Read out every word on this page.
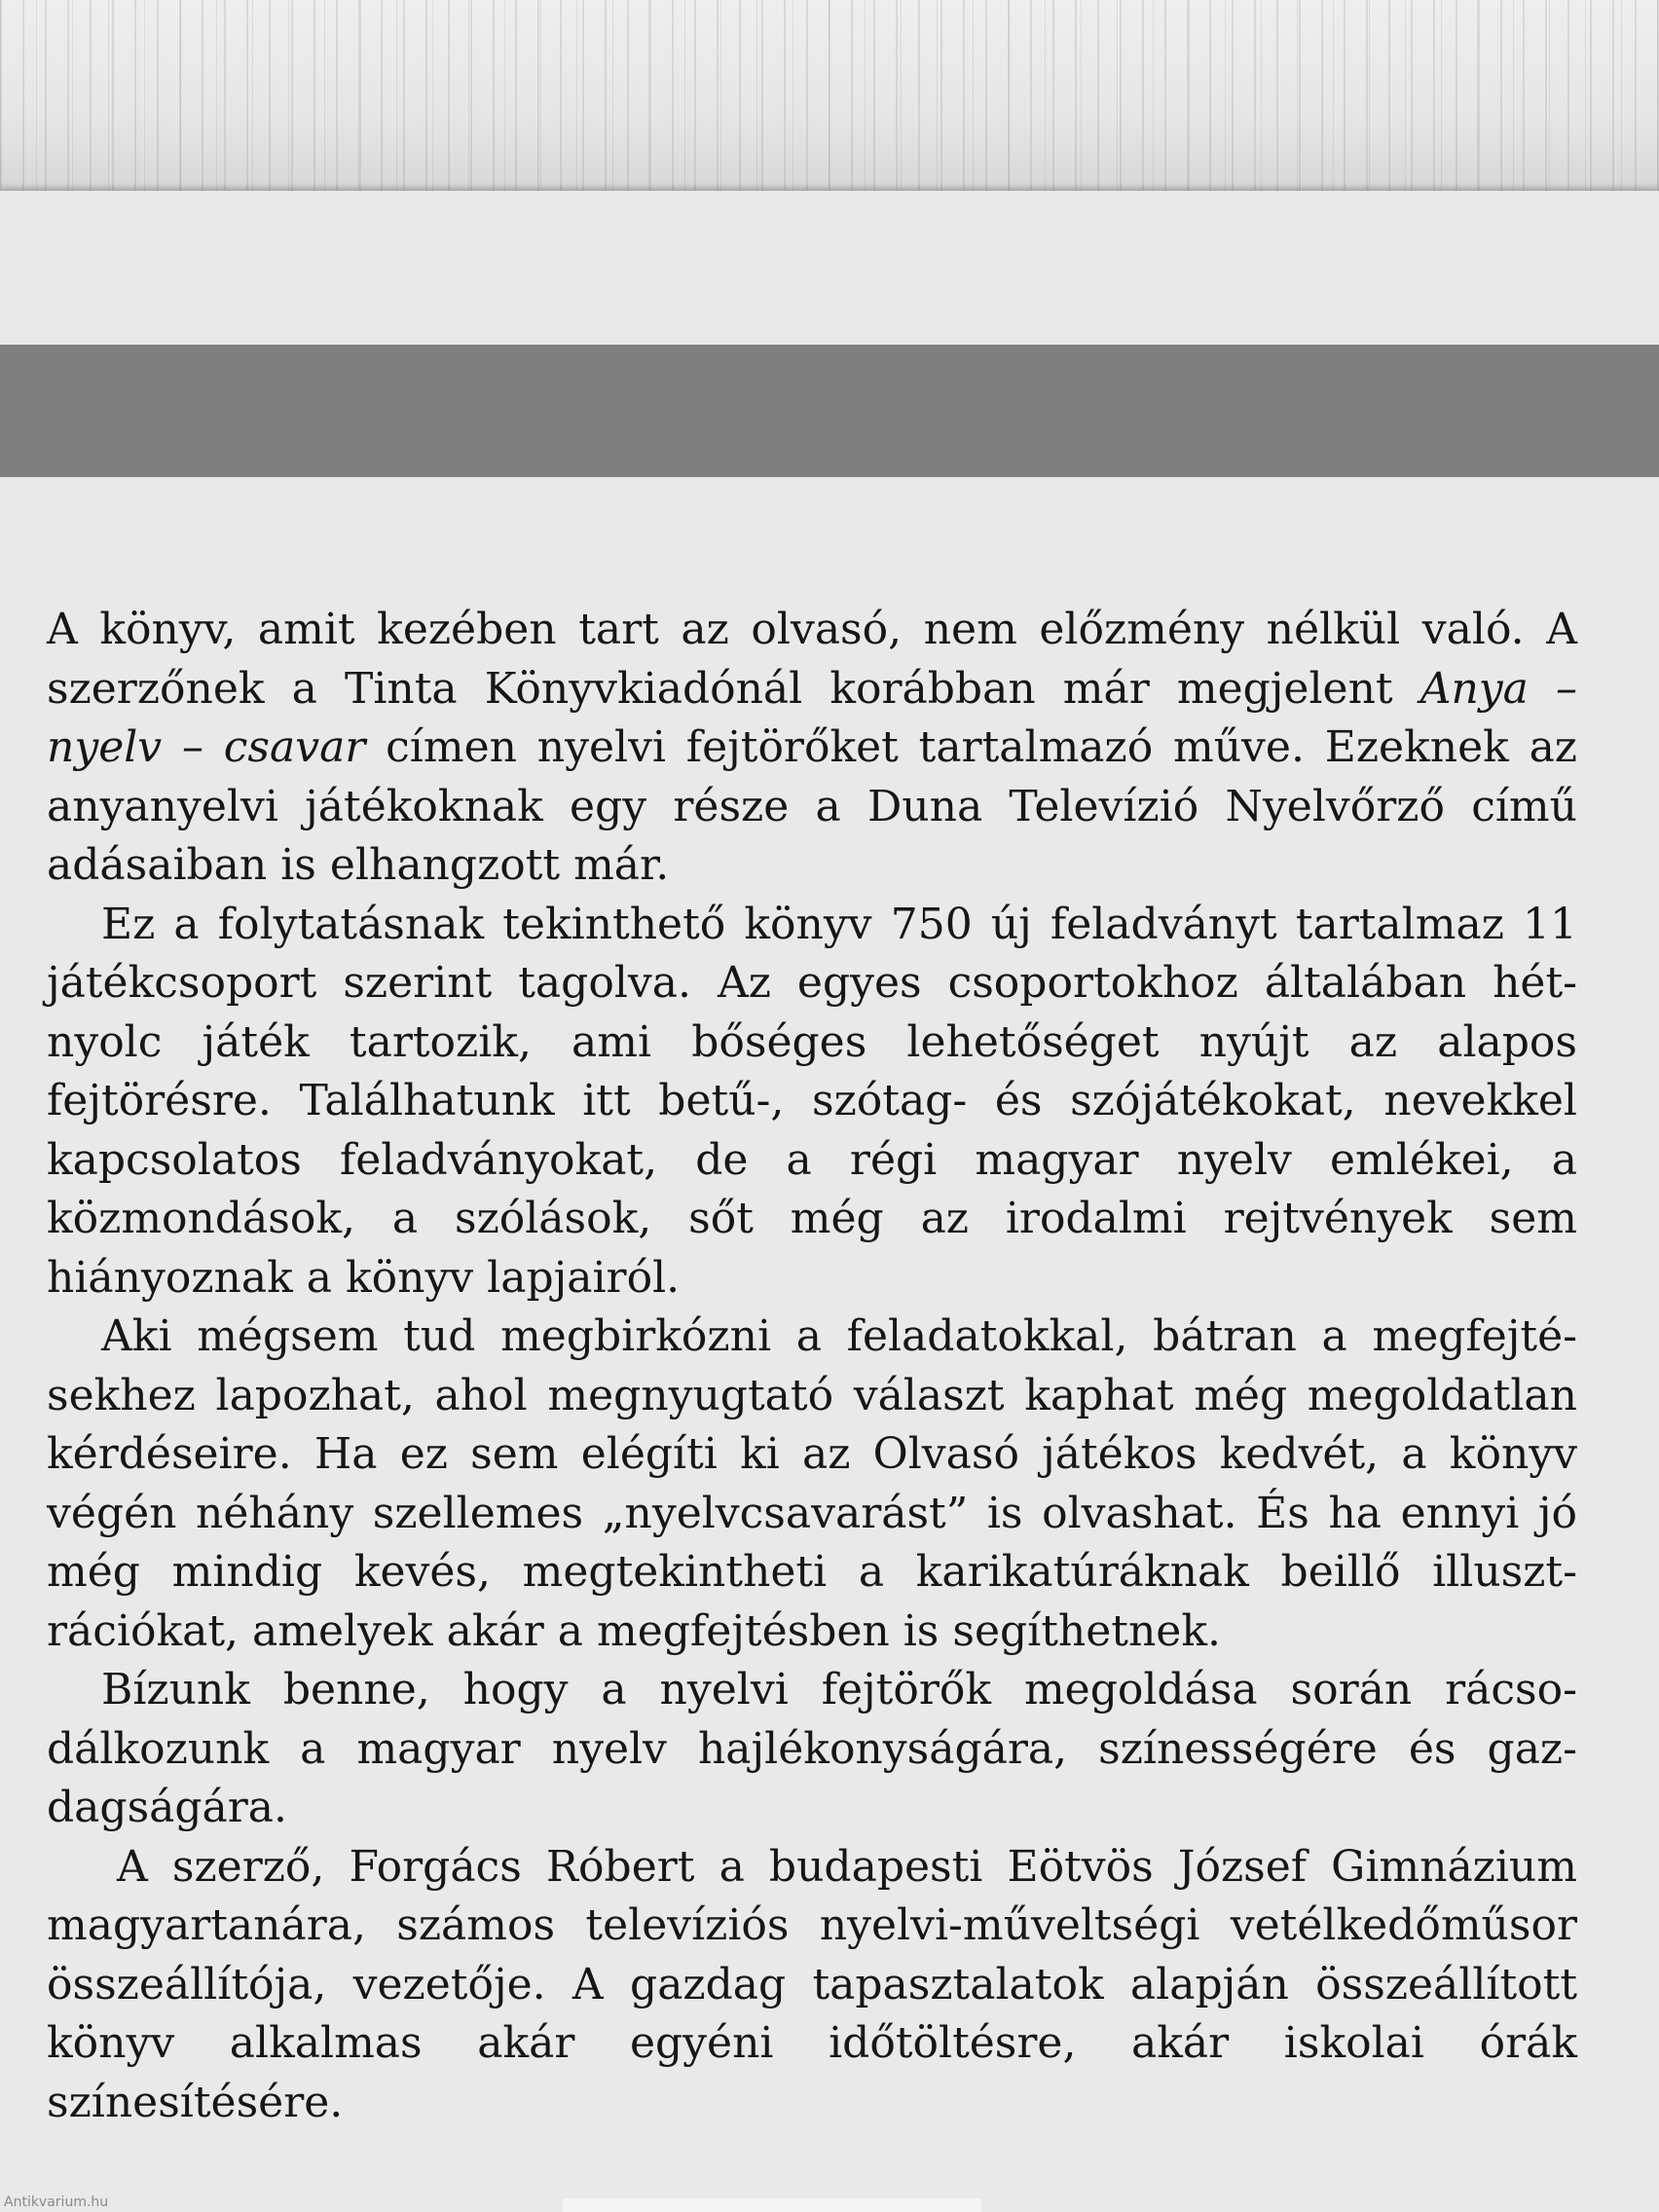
A könyv, amit kezében tart az olvasó, nem előzmény nélkül való. A szerzőnek a Tinta Könyvkiadónál korábban már megjelent Anya – nyelv – csavar címen nyelvi fejtörőket tartalmazó műve. Ezeknek az anyanyelvi játékoknak egy része a Duna Televízió Nyelvőrző című adásaiban is elhangzott már.

Ez a folytatásnak tekinthető könyv 750 új feladványt tartalmaz 11 játékcsoport szerint tagolva. Az egyes csoportokhoz általában hét-nyolc játék tartozik, ami bőséges lehetőséget nyújt az alapos fejtörésre. Találhatunk itt betű-, szótag- és szójátékokat, nevekkel kapcsolatos feladványokat, de a régi magyar nyelv emlékei, a közmondások, a szólások, sőt még az irodalmi rejtvények sem hiányoznak a könyv lapjairól.

Aki mégsem tud megbirkózni a feladatokkal, bátran a megfejtésekhez lapozhat, ahol megnyugtató választ kaphat még megoldatlan kérdéseire. Ha ez sem elégíti ki az Olvasó játékos kedvét, a könyv végén néhány szellemes „nyelvcsavarást” is olvashat. És ha ennyi jó még mindig kevés, megtekintheti a karikatúráknak beillő illusztrációkat, amelyek akár a megfejtésben is segíthetnek.

Bízunk benne, hogy a nyelvi fejtörők megoldása során rácsodálkozunk a magyar nyelv hajlékonyságára, színességére és gazdagságára.

A szerző, Forgács Róbert a budapesti Eötvös József Gimnázium magyartanára, számos televíziós nyelvi-műveltségi vetélkedőműsor összeállítója, vezetője. A gazdag tapasztalatok alapján összeállított könyv alkalmas akár egyéni időtöltésre, akár iskolai órák színesítésére.

Antikvarium.hu
